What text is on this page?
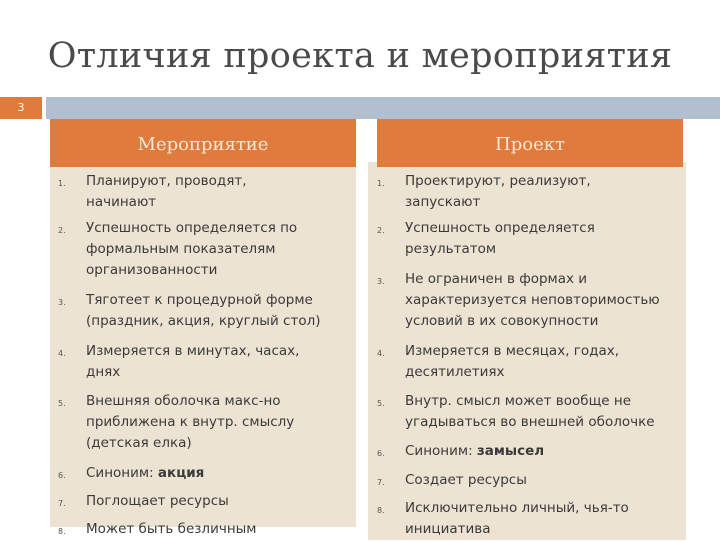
Отличия проекта и мероприятия
3
Мероприятие	Проект
1. Планируют, проводят,
начинают
2. Успешность определяется по
формальным показателям
организованности
3. Тяготеет к процедурной форме
(праздник, акция, круглый стол)
4. Измеряется в минутах, часах,
днях
5. Внешняя оболочка макс-но
приближена к внутр. смыслу
(детская елка)
6. Синоним: акция
7. Поглощает ресурсы
8. Может быть безличным
1. Проектируют, реализуют,
запускают
2. Успешность определяется
результатом
3. Не ограничен в формах и
характеризуется неповторимостью
условий в их совокупности
4. Измеряется в месяцах, годах,
десятилетиях
5. Внутр. смысл может вообще не
угадываться во внешней оболочке
6. Синоним: замысел
7. Создает ресурсы
8. Исключительно личный, чья-то
инициатива
